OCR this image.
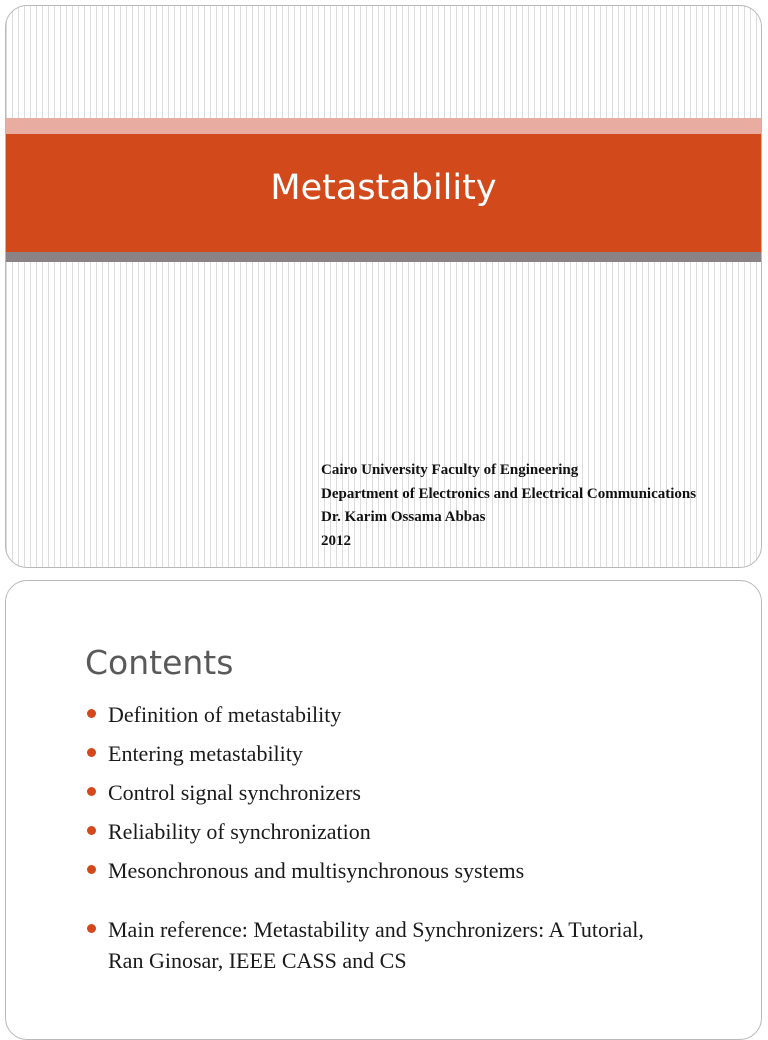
Metastability
Cairo University Faculty of Engineering
Department of Electronics and Electrical Communications
Dr. Karim Ossama Abbas
2012
Contents
Definition of metastability
Entering metastability
Control signal synchronizers
Reliability of synchronization
Mesonchronous and multisynchronous systems
Main reference: Metastability and Synchronizers: A Tutorial,
Ran Ginosar, IEEE CASS and CS
